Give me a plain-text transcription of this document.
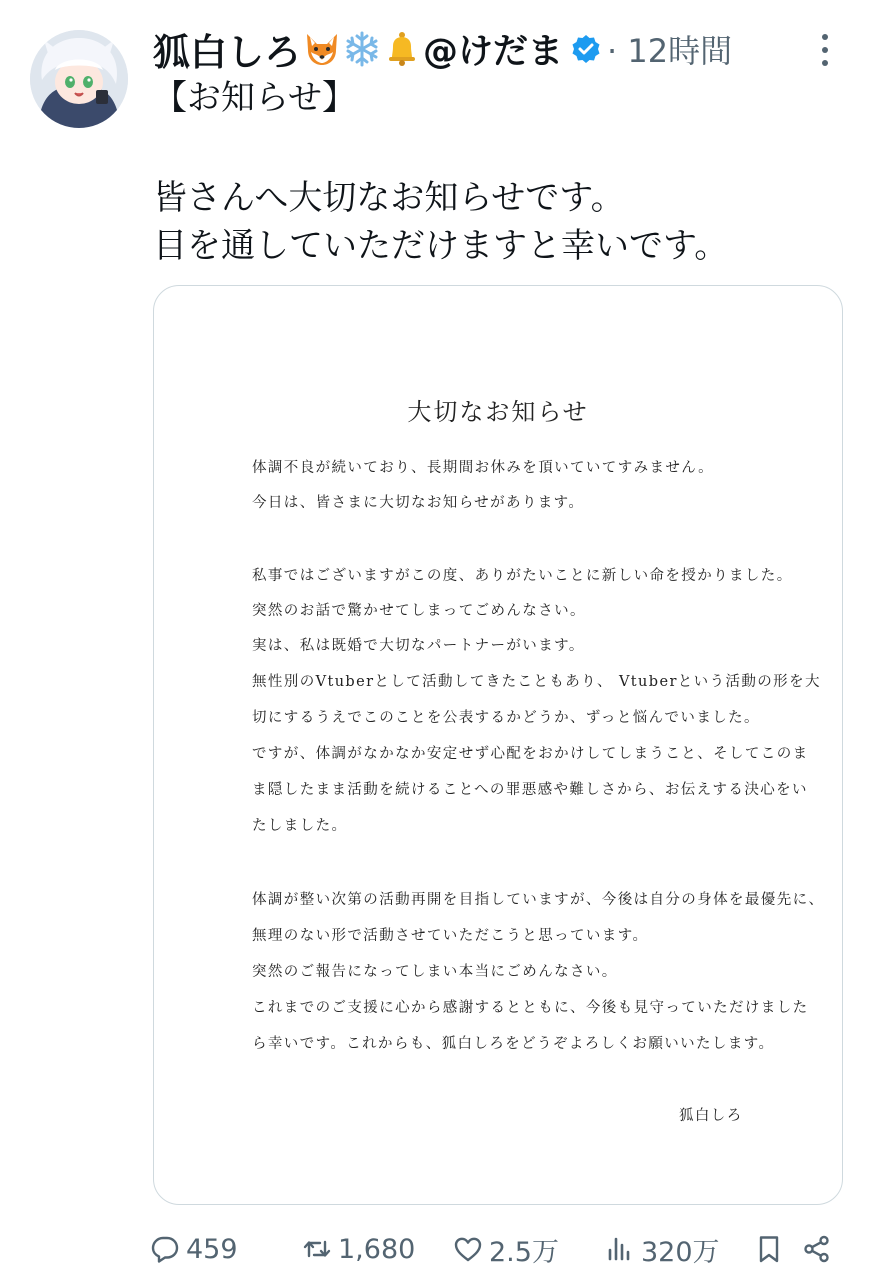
狐白しろ	@けだま · 12時間
【お知らせ】
皆さんへ大切なお知らせです。
目を通していただけますと幸いです。
大切なお知らせ
体調不良が続いており、長期間お休みを頂いていてすみません。
今日は、皆さまに大切なお知らせがあります。
私事ではございますがこの度、ありがたいことに新しい命を授かりました。
突然のお話で驚かせてしまってごめんなさい。
実は、私は既婚で大切なパートナーがいます。
無性別のVtuberとして活動してきたこともあり、 Vtuberという活動の形を大
切にするうえでこのことを公表するかどうか、ずっと悩んでいました。
ですが、体調がなかなか安定せず心配をおかけしてしまうこと、そしてこのま
ま隠したまま活動を続けることへの罪悪感や難しさから、お伝えする決心をい
たしました。
体調が整い次第の活動再開を目指していますが、今後は自分の身体を最優先に、
無理のない形で活動させていただこうと思っています。
突然のご報告になってしまい本当にごめんなさい。
これまでのご支援に心から感謝するとともに、今後も見守っていただけました
ら幸いです。これからも、狐白しろをどうぞよろしくお願いいたします。
狐白しろ
459	1,680	2.5万	320万
